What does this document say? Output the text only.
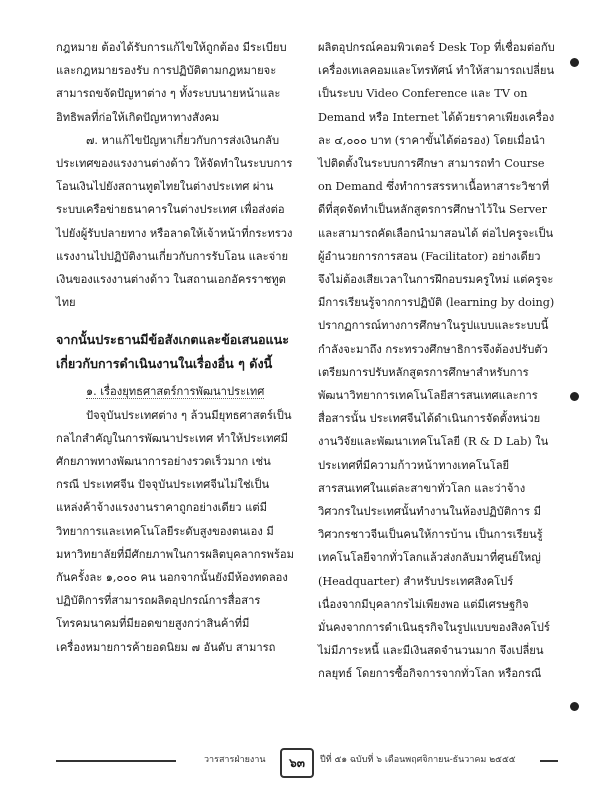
กฎหมาย ต้องได้รับการแก้ไขให้ถูกต้อง มีระเบียบ และกฎหมายรองรับ การปฏิบัติตามกฎหมายจะสามารถขจัดปัญหาต่าง ๆ ทั้งระบบนายหน้าและอิทธิพลที่ก่อให้เกิดปัญหาทางสังคม

๗. หาแก้ไขปัญหาเกี่ยวกับการส่งเงินกลับประเทศของแรงงานต่างด้าว ให้จัดทำในระบบการโอนเงินไปยังสถานทูตไทยในต่างประเทศ ผ่านระบบเครือข่ายธนาคารในต่างประเทศ เพื่อส่งต่อไปยังผู้รับปลายทาง หรือลาดให้เจ้าหน้าที่กระทรวงแรงงานไปปฏิบัติงานเกี่ยวกับการรับโอน และจ่ายเงินของแรงงานต่างด้าว ในสถานเอกอัครราชทูตไทย

จากนั้นประธานมีข้อสังเกตและข้อเสนอแนะเกี่ยวกับการดำเนินงานในเรื่องอื่น ๆ ดังนี้

๑. เรื่องยุทธศาสตร์การพัฒนาประเทศ

ปัจจุบันประเทศต่าง ๆ ล้วนมียุทธศาสตร์เป็นกลไกสำคัญในการพัฒนาประเทศ ทำให้ประเทศมีศักยภาพทางพัฒนาการอย่างรวดเร็วมาก เช่น กรณี ประเทศจีน ปัจจุบันประเทศจีนไม่ใช่เป็นแหล่งค้าจ้างแรงงานราคาถูกอย่างเดียว แต่มีวิทยาการและเทคโนโลยีระดับสูงของตนเอง มีมหาวิทยาลัยที่มีศักยภาพในการผลิตบุคลากรพร้อมกันครั้งละ ๑,๐๐๐ คน นอกจากนั้นยังมีห้องทดลองปฏิบัติการที่สามารถผลิตอุปกรณ์การสื่อสารโทรคมนาคมที่มียอดขายสูงกว่าสินค้าที่มีเครื่องหมายการค้ายอดนิยม ๗ อันดับ สามารถ

ผลิตอุปกรณ์คอมพิวเตอร์ Desk Top ที่เชื่อมต่อกับเครื่องเทเลคอมและโทรทัศน์ ทำให้สามารถเปลี่ยนเป็นระบบ Video Conference และ TV on Demand หรือ Internet ได้ด้วยราคาเพียงเครื่องละ ๔,๐๐๐ บาท (ราคาขั้นได้ต่อรอง) โดยเมื่อนำไปติดตั้งในระบบการศึกษา สามารถทำ Course on Demand ซึ่งทำการสรรหาเนื้อหาสาระวิชาที่ดีที่สุดจัดทำเป็นหลักสูตรการศึกษาไว้ใน Server และสามารถคัดเลือกนำมาสอนได้ ต่อไปครูจะเป็นผู้อำนวยการการสอน (Facilitator) อย่างเดียว จึงไม่ต้องเสียเวลาในการฝึกอบรมครูใหม่ แต่ครูจะมีการเรียนรู้จากการปฏิบัติ (learning by doing) ปรากฏการณ์ทางการศึกษาในรูปแบบและระบบนี้กำลังจะมาถึง กระทรวงศึกษาธิการจึงต้องปรับตัวเตรียมการปรับหลักสูตรการศึกษาสำหรับการพัฒนาวิทยาการเทคโนโลยีสารสนเทศและการสื่อสารนั้น ประเทศจีนได้ดำเนินการจัดตั้งหน่วยงานวิจัยและพัฒนาเทคโนโลยี (R & D Lab) ในประเทศที่มีความก้าวหน้าทางเทคโนโลยีสารสนเทศในแต่ละสาขาทั่วโลก และว่าจ้างวิศวกรในประเทศนั้นทำงานในห้องปฏิบัติการ มีวิศวกรชาวจีนเป็นคนให้การบ้าน เป็นการเรียนรู้เทคโนโลยีจากทั่วโลกแล้วส่งกลับมาที่ศูนย์ใหญ่ (Headquarter) สำหรับประเทศสิงคโปร์เนื่องจากมีบุคลากรไม่เพียงพอ แต่มีเศรษฐกิจมั่นคงจากการดำเนินธุรกิจในรูปแบบของสิงคโปร์ไม่มีภาระหนี้ และมีเงินสดจำนวนมาก จึงเปลี่ยนกลยุทธ์ โดยการซื้อกิจการจากทั่วโลก หรือกรณี

วารสารฝ่ายงาน	๖๓	ปีที่ ๕๑ ฉบับที่ ๖ เดือนพฤศจิกายน-ธันวาคม ๒๕๕๕
